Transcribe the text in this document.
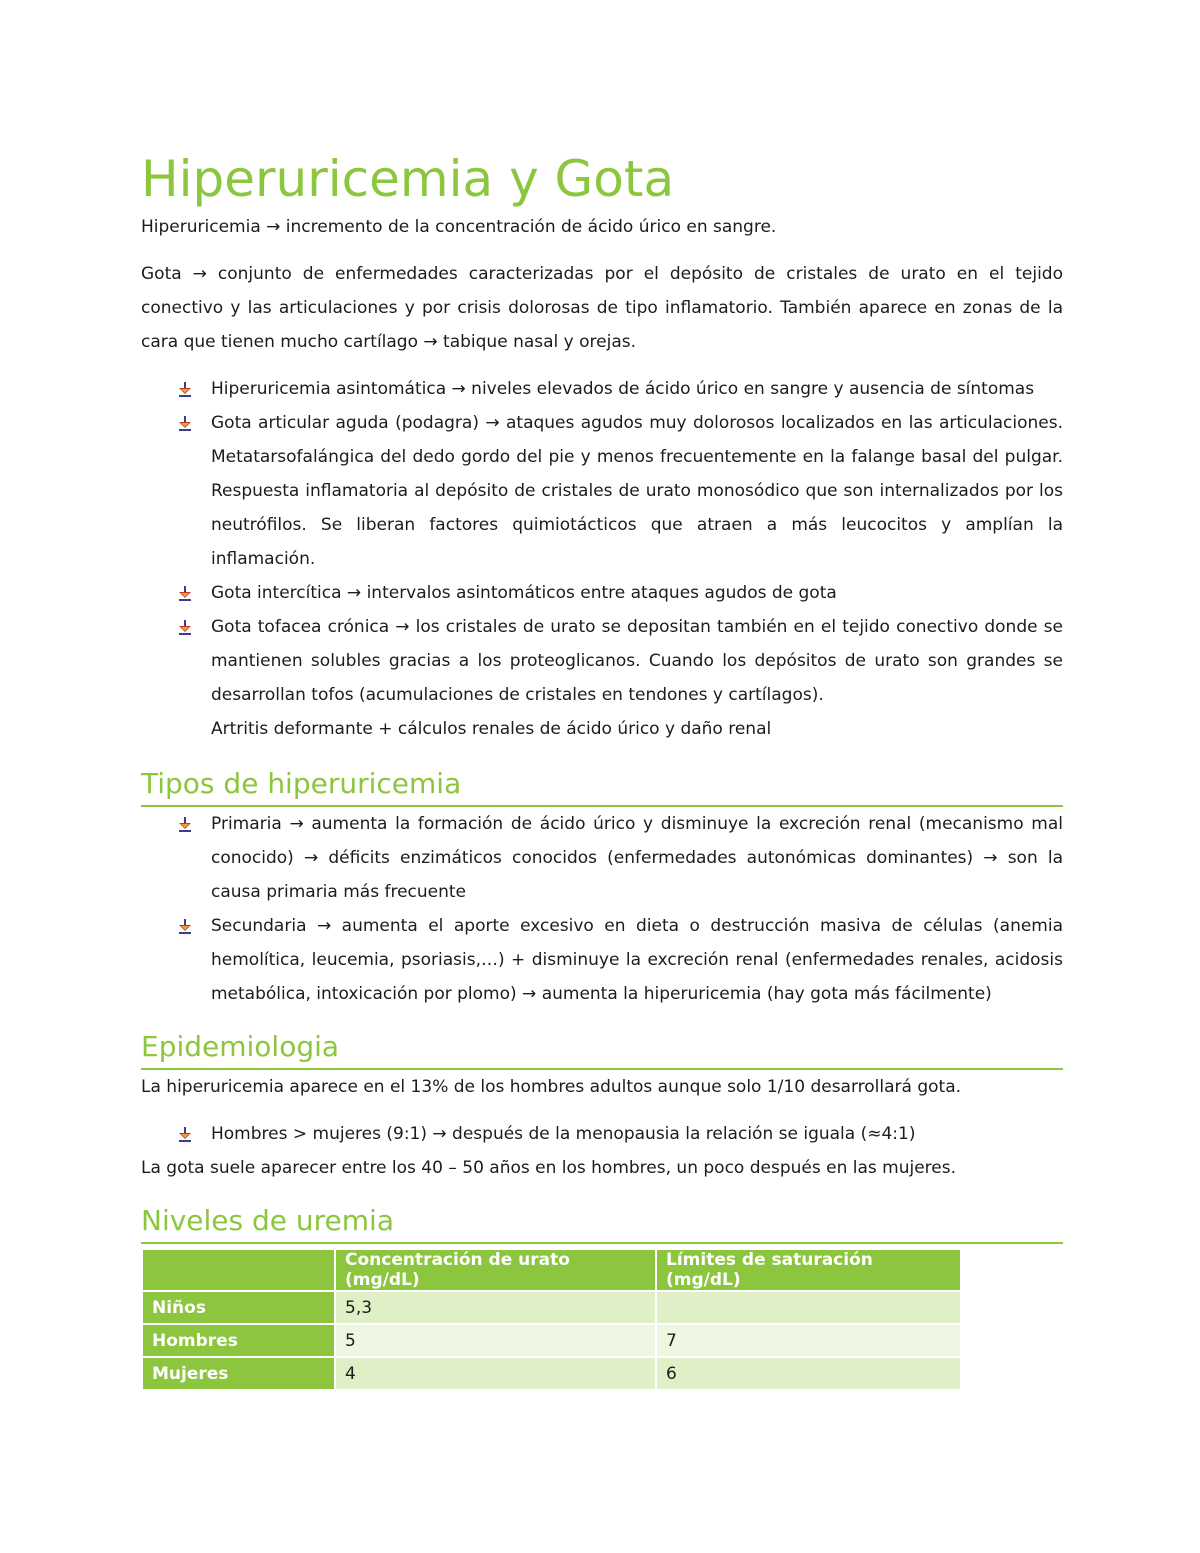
Hiperuricemia y Gota

Hiperuricemia → incremento de la concentración de ácido úrico en sangre.

Gota → conjunto de enfermedades caracterizadas por el depósito de cristales de urato en el tejido conectivo y las articulaciones y por crisis dolorosas de tipo inflamatorio. También aparece en zonas de la cara que tienen mucho cartílago → tabique nasal y orejas.

Hiperuricemia asintomática → niveles elevados de ácido úrico en sangre y ausencia de síntomas
Gota articular aguda (podagra) → ataques agudos muy dolorosos localizados en las articulaciones. Metatarsofalángica del dedo gordo del pie y menos frecuentemente en la falange basal del pulgar. Respuesta inflamatoria al depósito de cristales de urato monosódico que son internalizados por los neutrófilos. Se liberan factores quimiotácticos que atraen a más leucocitos y amplían la inflamación.
Gota intercítica → intervalos asintomáticos entre ataques agudos de gota
Gota tofacea crónica → los cristales de urato se depositan también en el tejido conectivo donde se mantienen solubles gracias a los proteoglicanos. Cuando los depósitos de urato son grandes se desarrollan tofos (acumulaciones de cristales en tendones y cartílagos).
Artritis deformante + cálculos renales de ácido úrico y daño renal
Tipos de hiperuricemia
Primaria → aumenta la formación de ácido úrico y disminuye la excreción renal (mecanismo mal conocido) → déficits enzimáticos conocidos (enfermedades autonómicas dominantes) → son la causa primaria más frecuente
Secundaria → aumenta el aporte excesivo en dieta o destrucción masiva de células (anemia hemolítica, leucemia, psoriasis,…) + disminuye la excreción renal (enfermedades renales, acidosis metabólica, intoxicación por plomo) → aumenta la hiperuricemia (hay gota más fácilmente)
Epidemiologia

La hiperuricemia aparece en el 13% de los hombres adultos aunque solo 1/10 desarrollará gota.

Hombres > mujeres (9:1) → después de la menopausia la relación se iguala (≈4:1)

La gota suele aparecer entre los 40 – 50 años en los hombres, un poco después en las mujeres.

Niveles de uremia
	Concentración de urato (mg/dL)	Límites de saturación (mg/dL)
Niños	5,3	
Hombres	5	7
Mujeres	4	6
